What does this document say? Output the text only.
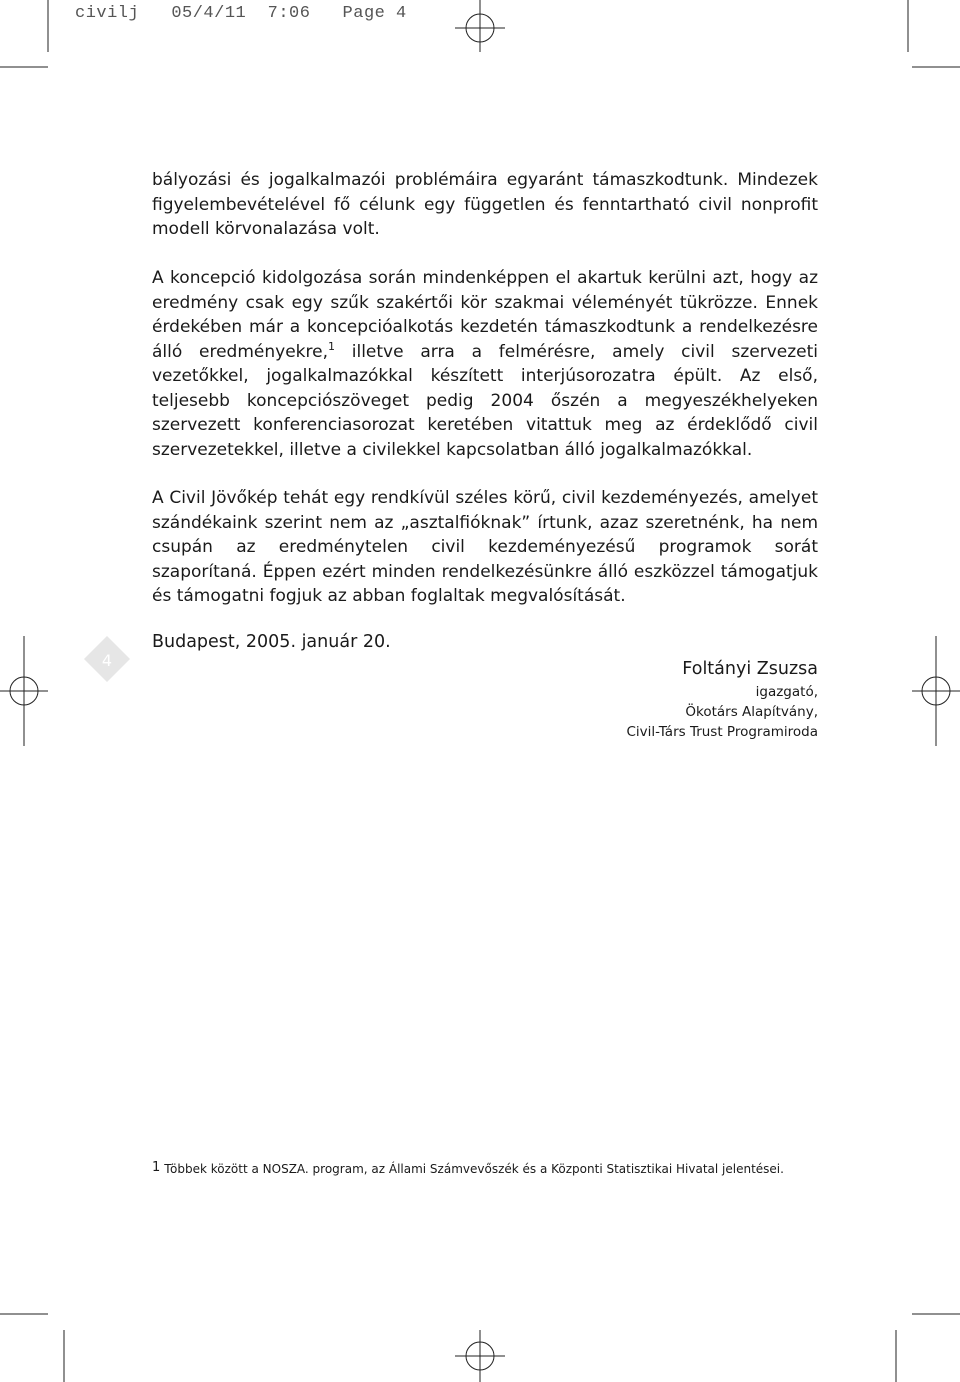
4
civilj   05/4/11  7:06   Page 4

bályozási és jogalkalmazói problémáira egyaránt támaszkodtunk. Mindezek figyelembevételével fő célunk egy független és fenntartható civil nonprofit modell körvonalazása volt.

A koncepció kidolgozása során mindenképpen el akartuk kerülni azt, hogy az eredmény csak egy szűk szakértői kör szakmai véleményét tükrözze. Ennek érdekében már a koncepcióalkotás kezdetén támaszkodtunk a rendelkezésre álló eredményekre,$^1$ illetve arra a felmérésre, amely civil szervezeti vezetőkkel, jogalkalmazókkal készített interjúsorozatra épült. Az első, teljesebb koncepciószöveget pedig 2004 őszén a megyeszékhelyeken szervezett konferenciasorozat keretében vitattuk meg az érdeklődő civil szervezetekkel, illetve a civilekkel kapcsolatban álló jogalkalmazókkal.

A Civil Jövőkép tehát egy rendkívül széles körű, civil kezdeményezés, amelyet szándékaink szerint nem az „asztalfióknak” írtunk, azaz szeretnénk, ha nem csupán az eredménytelen civil kezdeményezésű programok sorát szaporítaná. Éppen ezért minden rendelkezésünkre álló eszközzel támogatjuk és támogatni fogjuk az abban foglaltak megvalósítását.

Budapest, 2005. január 20.

Foltányi Zsuzsa
igazgató,
Ökotárs Alapítvány,
Civil-Társ Trust Programiroda

$^1$ Többek között a NOSZA. program, az Állami Számvevőszék és a Központi Statisztikai Hivatal jelentései.
